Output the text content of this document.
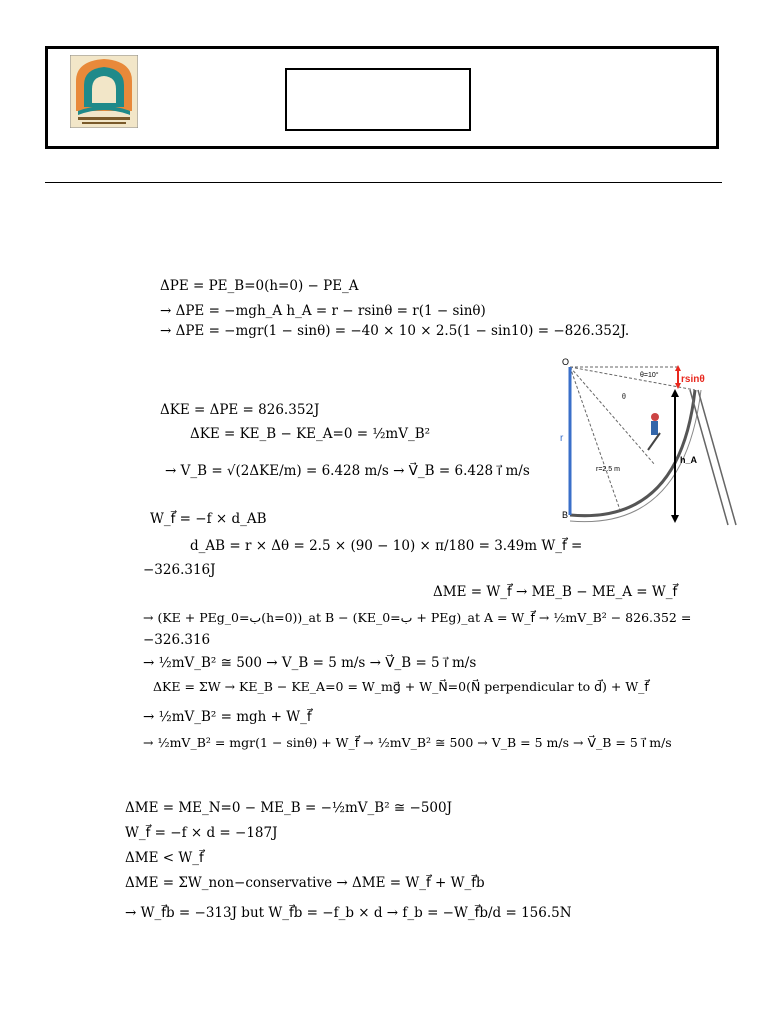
ΔPE = PE_B=0(h=0) − PE_A
→ ΔPE = −mgh_A h_A = r − rsinθ = r(1 − sinθ)
→ ΔPE = −mgr(1 − sinθ) = −40 × 10 × 2.5(1 − sin10) = −826.352J.
ΔKE = ΔPE = 826.352J
ΔKE = KE_B − KE_A=0 = ½mV_B²
→ V_B = √(2ΔKE/m) = 6.428 m/s → V⃗_B = 6.428 i⃗ m/s
W_f⃗ = −f × d_AB
d_AB = r × Δθ = 2.5 × (90 − 10) × π/180 = 3.49m W_f⃗ =
−326.316J
ΔME = W_f⃗ → ME_B − ME_A = W_f⃗
→ (KE + PEg_ب=0(h=0))_at B − (KE_ب=0 + PEg)_at A = W_f⃗ → ½mV_B² − 826.352 =
−326.316
→ ½mV_B² ≅ 500 → V_B = 5 m/s → V⃗_B = 5 i⃗ m/s
ΔKE = ΣW → KE_B − KE_A=0 = W_mg⃗ + W_N⃗=0(N⃗ perpendicular to d⃗) + W_f⃗
→ ½mV_B² = mgh + W_f⃗
→ ½mV_B² = mgr(1 − sinθ) + W_f⃗ → ½mV_B² ≅ 500 → V_B = 5 m/s → V⃗_B = 5 i⃗ m/s
ΔME = ME_N=0 − ME_B = −½mV_B² ≅ −500J
W_f⃗ = −f × d = −187J
ΔME < W_f⃗
ΔME = ΣW_non−conservative → ΔME = W_f⃗ + W_f⃗b
→ W_f⃗b = −313J but W_f⃗b = −f_b × d → f_b = −W_f⃗b/d = 156.5N
O
B
r
θ
θ=10° rsinθ
h_A
r=2.5 m
